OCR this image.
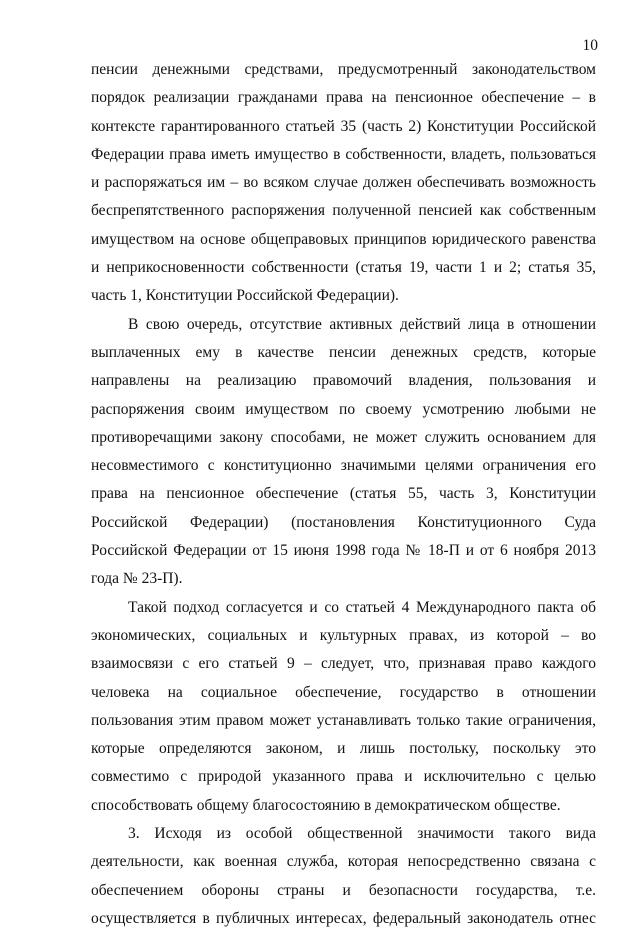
10

пенсии денежными средствами, предусмотренный законодательством
порядок реализации гражданами права на пенсионное обеспечение – в
контексте гарантированного статьей 35 (часть 2) Конституции Российской
Федерации права иметь имущество в собственности, владеть, пользоваться
и распоряжаться им – во всяком случае должен обеспечивать возможность
беспрепятственного распоряжения полученной пенсией как собственным
имуществом на основе общеправовых принципов юридического равенства
и неприкосновенности собственности (статья 19, части 1 и 2; статья 35,
часть 1, Конституции Российской Федерации).

В свою очередь, отсутствие активных действий лица в отношении
выплаченных ему в качестве пенсии денежных средств, которые
направлены на реализацию правомочий владения, пользования и
распоряжения своим имуществом по своему усмотрению любыми не
противоречащими закону способами, не может служить основанием для
несовместимого с конституционно значимыми целями ограничения его
права на пенсионное обеспечение (статья 55, часть 3, Конституции
Российской Федерации) (постановления Конституционного Суда
Российской Федерации от 15 июня 1998 года № 18-П и от 6 ноября 2013
года № 23-П).

Такой подход согласуется и со статьей 4 Международного пакта об
экономических, социальных и культурных правах, из которой – во
взаимосвязи с его статьей 9 – следует, что, признавая право каждого
человека на социальное обеспечение, государство в отношении
пользования этим правом может устанавливать только такие ограничения,
которые определяются законом, и лишь постольку, поскольку это
совместимо с природой указанного права и исключительно с целью
способствовать общему благосостоянию в демократическом обществе.

3. Исходя из особой общественной значимости такого вида
деятельности, как военная служба, которая непосредственно связана с
обеспечением обороны страны и безопасности государства, т.е.
осуществляется в публичных интересах, федеральный законодатель отнес
